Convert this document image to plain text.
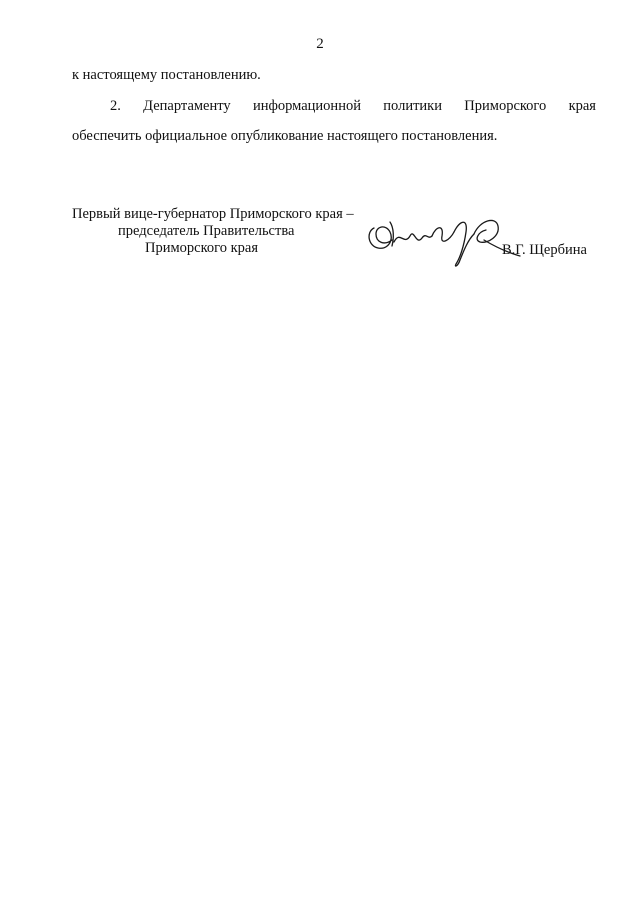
2
к настоящему постановлению.
2. Департаменту информационной политики Приморского края
обеспечить официальное опубликование настоящего постановления.
Первый вице-губернатор Приморского края –
председатель Правительства
Приморского края	В.Г. Щербина
